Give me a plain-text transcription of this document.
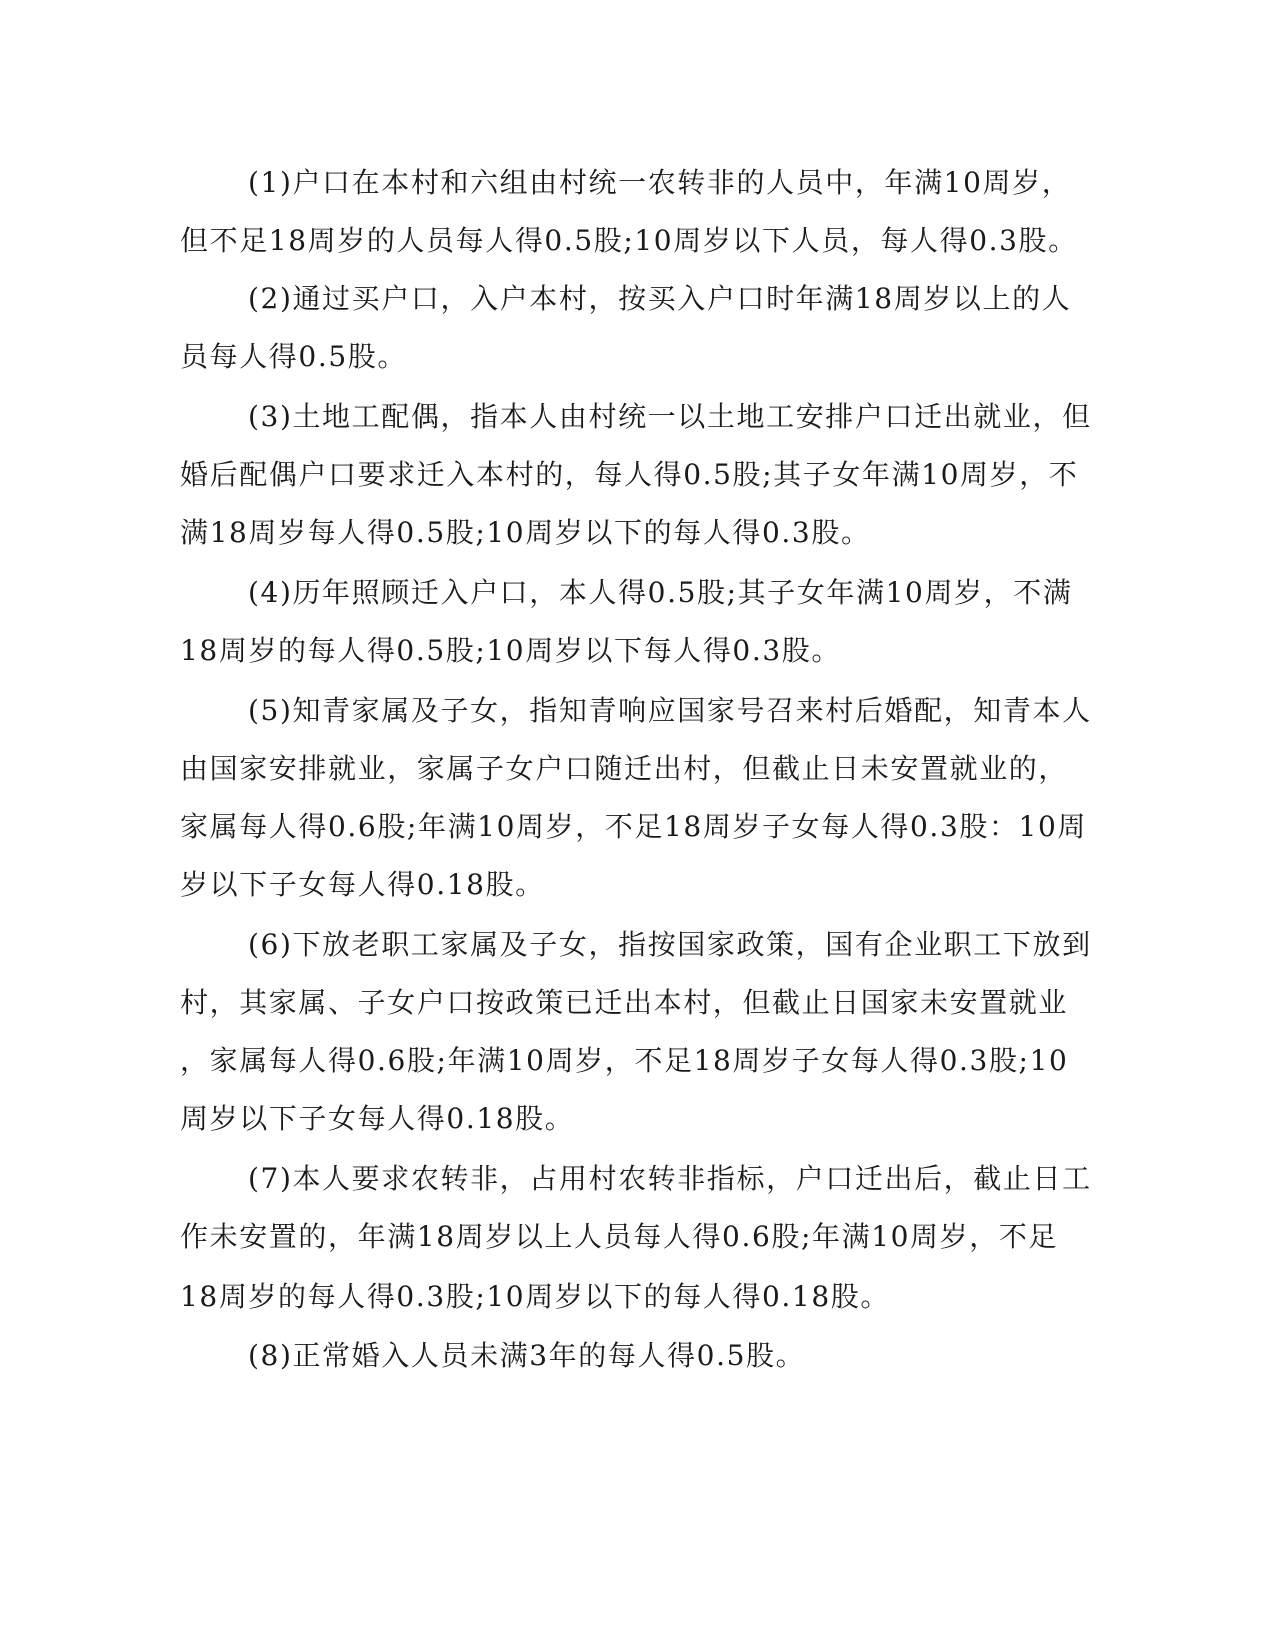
(1)户口在本村和六组由村统一农转非的人员中，年满10周岁，
但不足18周岁的人员每人得0.5股;10周岁以下人员，每人得0.3股。
(2)通过买户口，入户本村，按买入户口时年满18周岁以上的人
员每人得0.5股。
(3)土地工配偶，指本人由村统一以土地工安排户口迁出就业，但
婚后配偶户口要求迁入本村的，每人得0.5股;其子女年满10周岁，不
满18周岁每人得0.5股;10周岁以下的每人得0.3股。
(4)历年照顾迁入户口，本人得0.5股;其子女年满10周岁，不满
18周岁的每人得0.5股;10周岁以下每人得0.3股。
(5)知青家属及子女，指知青响应国家号召来村后婚配，知青本人
由国家安排就业，家属子女户口随迁出村，但截止日未安置就业的，
家属每人得0.6股;年满10周岁，不足18周岁子女每人得0.3股：10周
岁以下子女每人得0.18股。
(6)下放老职工家属及子女，指按国家政策，国有企业职工下放到
村，其家属、子女户口按政策已迁出本村，但截止日国家未安置就业
，家属每人得0.6股;年满10周岁，不足18周岁子女每人得0.3股;10
周岁以下子女每人得0.18股。
(7)本人要求农转非，占用村农转非指标，户口迁出后，截止日工
作未安置的，年满18周岁以上人员每人得0.6股;年满10周岁，不足
18周岁的每人得0.3股;10周岁以下的每人得0.18股。
(8)正常婚入人员未满3年的每人得0.5股。
